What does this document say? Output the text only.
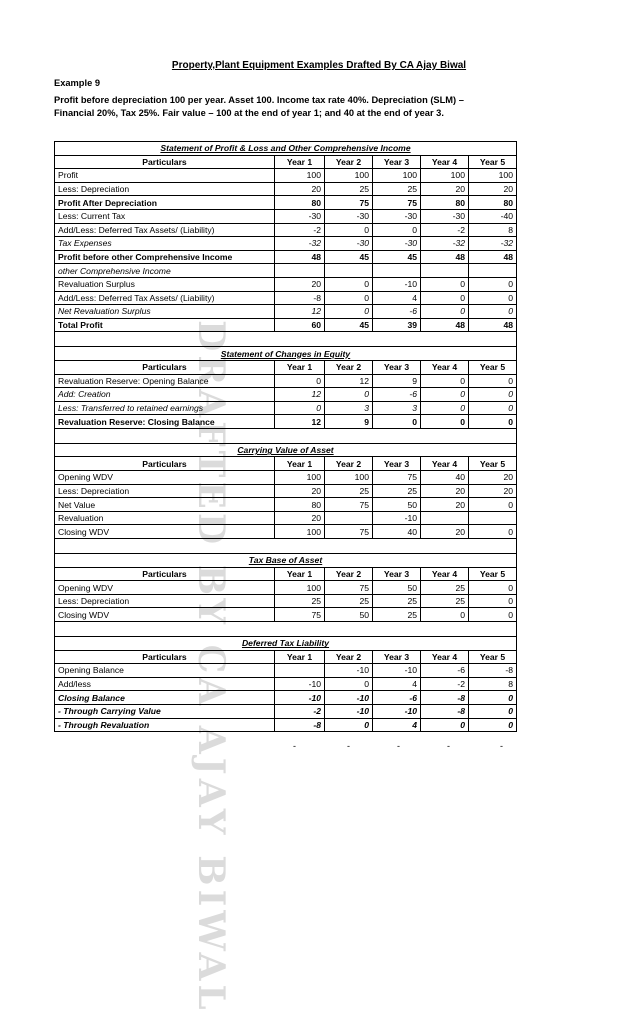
Property,Plant Equipment Examples Drafted By CA Ajay Biwal
Example 9
Profit before depreciation 100 per year. Asset 100. Income tax rate 40%. Depreciation (SLM) –
Financial 20%, Tax 25%. Fair value – 100 at the end of year 1; and 40 at the end of year 3.
Statement of Profit & Loss and Other Comprehensive Income					
Particulars	Year 1	Year 2	Year 3	Year 4	Year 5
Profit	100	100	100	100	100
Less: Depreciation	20	25	25	20	20
Profit After Depreciation	80	75	75	80	80
Less: Current Tax	-30	-30	-30	-30	-40
Add/Less: Deferred Tax Assets/ (Liability)	-2	0	0	-2	8
Tax Expenses	-32	-30	-30	-32	-32
Profit before other Comprehensive Income	48	45	45	48	48
other Comprehensive Income					
Revaluation Surplus	20	0	-10	0	0
Add/Less: Deferred Tax Assets/ (Liability)	-8	0	4	0	0
Net Revaluation Surplus	12	0	-6	0	0
Total Profit	60	45	39	48	48

Statement of Changes in Equity					
Particulars	Year 1	Year 2	Year 3	Year 4	Year 5
Revaluation Reserve: Opening Balance	0	12	9	0	0
Add: Creation	12	0	-6	0	0
Less: Transferred to retained earnings	0	3	3	0	0
Revaluation Reserve: Closing Balance	12	9	0	0	0

Carrying Value of Asset					
Particulars	Year 1	Year 2	Year 3	Year 4	Year 5
Opening WDV	100	100	75	40	20
Less: Depreciation	20	25	25	20	20
Net Value	80	75	50	20	0
Revaluation	20		-10		
Closing WDV	100	75	40	20	0

Tax Base of Asset					
Particulars	Year 1	Year 2	Year 3	Year 4	Year 5
Opening WDV	100	75	50	25	0
Less: Depreciation	25	25	25	25	0
Closing WDV	75	50	25	0	0

Deferred Tax Liability					
Particulars	Year 1	Year 2	Year 3	Year 4	Year 5
Opening Balance		-10	-10	-6	-8
Add/less	-10	0	4	-2	8
Closing Balance	-10	-10	-6	-8	0
- Through Carrying Value	-2	-10	-10	-8	0
- Through Revaluation	-8	0	4	0	0
DRAFTED BY CA AJAY BIWAL	-	-	-	-	-
